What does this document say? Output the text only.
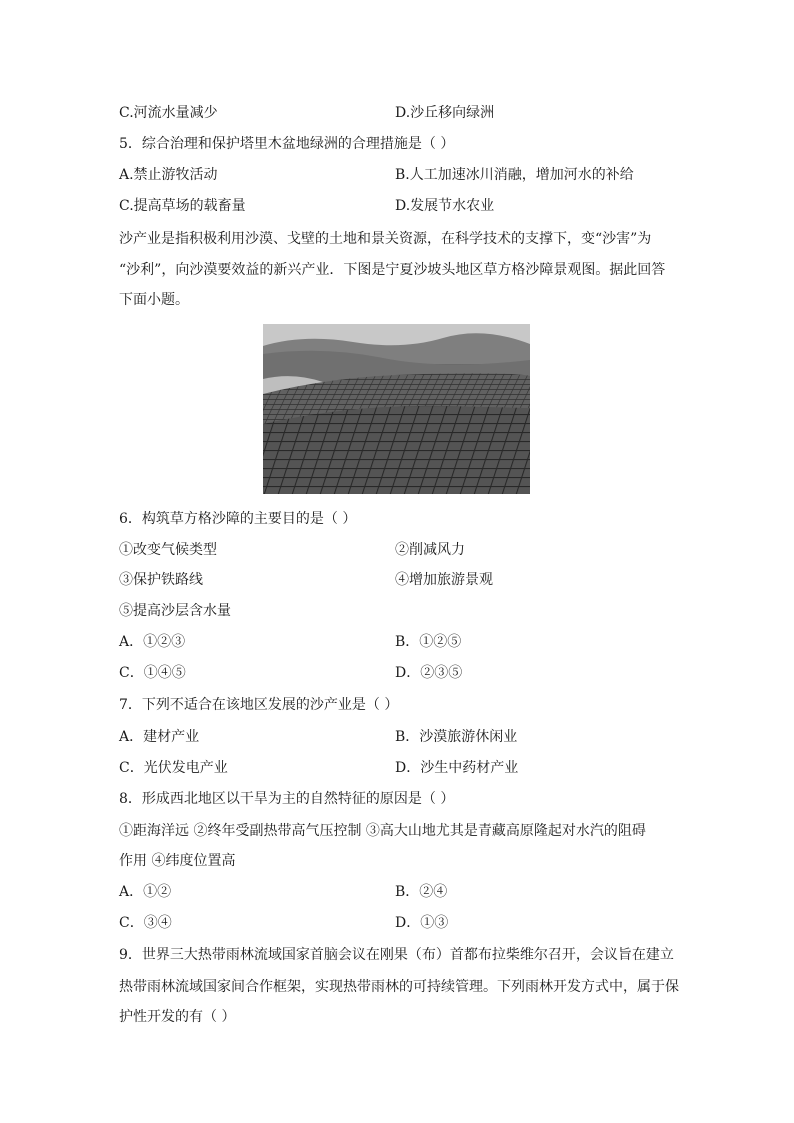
C.河流水量减少	D.沙丘移向绿洲
5．综合治理和保护塔里木盆地绿洲的合理措施是（ ）
A.禁止游牧活动	B.人工加速冰川消融，增加河水的补给
C.提高草场的载畜量	D.发展节水农业
沙产业是指积极利用沙漠、戈壁的土地和景关资源，在科学技术的支撑下，变“沙害”为
“沙利”，向沙漠要效益的新兴产业．下图是宁夏沙坡头地区草方格沙障景观图。据此回答
下面小题。
6．构筑草方格沙障的主要目的是（ ）
①改变气候类型	②削减风力
③保护铁路线	④增加旅游景观
⑤提高沙层含水量
A．①②③	B．①②⑤
C．①④⑤	D．②③⑤
7．下列不适合在该地区发展的沙产业是（ ）
A．建材产业	B．沙漠旅游休闲业
C．光伏发电产业	D．沙生中药材产业
8．形成西北地区以干旱为主的自然特征的原因是（ ）
①距海洋远 ②终年受副热带高气压控制 ③高大山地尤其是青藏高原隆起对水汽的阻碍
作用 ④纬度位置高
A．①②	B．②④
C．③④	D．①③
9．世界三大热带雨林流域国家首脑会议在刚果（布）首都布拉柴维尔召开，会议旨在建立
热带雨林流域国家间合作框架，实现热带雨林的可持续管理。下列雨林开发方式中，属于保
护性开发的有（ ）
